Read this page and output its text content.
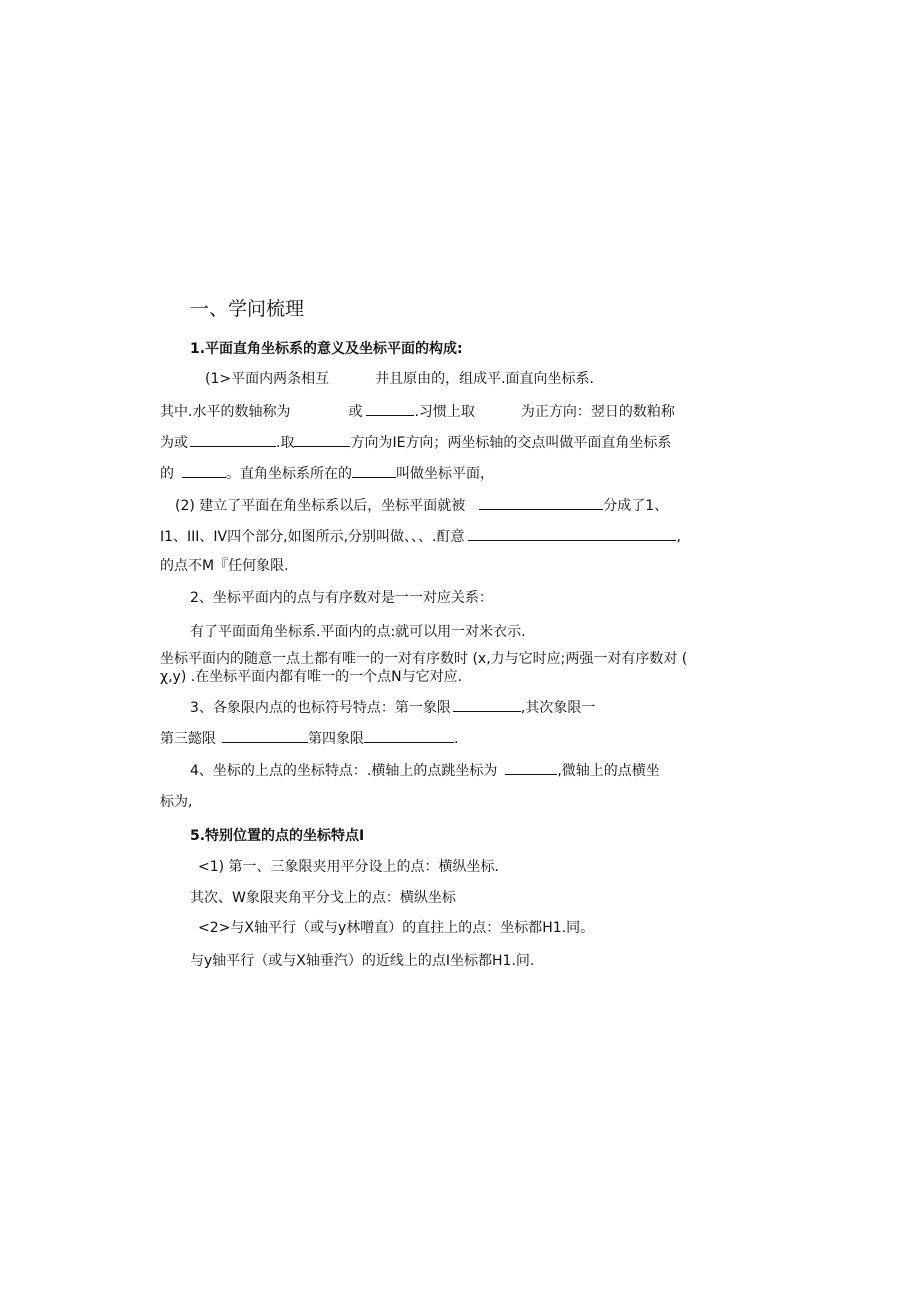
一、学问梳理
1.平面直角坐标系的意义及坐标平面的构成:
(1>平面内两条相互	井且原由的，组成平.面直向坐标系.
其中.水平的数轴称为	或	.习惯上取	为正方向：翌日的数粕称
为或	.取	方向为IE方向；两坐标轴的交点叫做平面直角坐标系
的	。直角坐标系所在的	叫做坐标平面，
(2) 建立了平面在角坐标系以后，坐标平面就被	分成了1、
I1、III、IV四个部分,如图所示,分别叫做、、、.酊意	,
的点不M『任何象限.
2、坐标平面内的点与有序数对是一一对应关系：
有了平面面角坐标系.平面内的点:就可以用一对米衣示.
坐标平面内的随意一点土都有唯一的一对有序数时 (x,力与它时应;两强一对有序数对 (
χ,y) .在坐标平面内都有唯一的一个点N与它对应.
3、各象限内点的也标符号特点：第一象限	,其次象限一
第三懿限	第四象限	.
4、坐标的上点的坐标特点：.横轴上的点跳坐标为	,微轴上的点横坐
标为,
5.特别位置的点的坐标特点I
<1) 第一、三象限夹用平分设上的点：横纵坐标.
其次、W象限夹角平分戈上的点：横纵坐标
<2>与X轴平行（或与y林噌直）的直拄上的点：坐标都H1.同。
与y轴平行（或与X轴垂汽）的近线上的点I坐标都H1.问.
